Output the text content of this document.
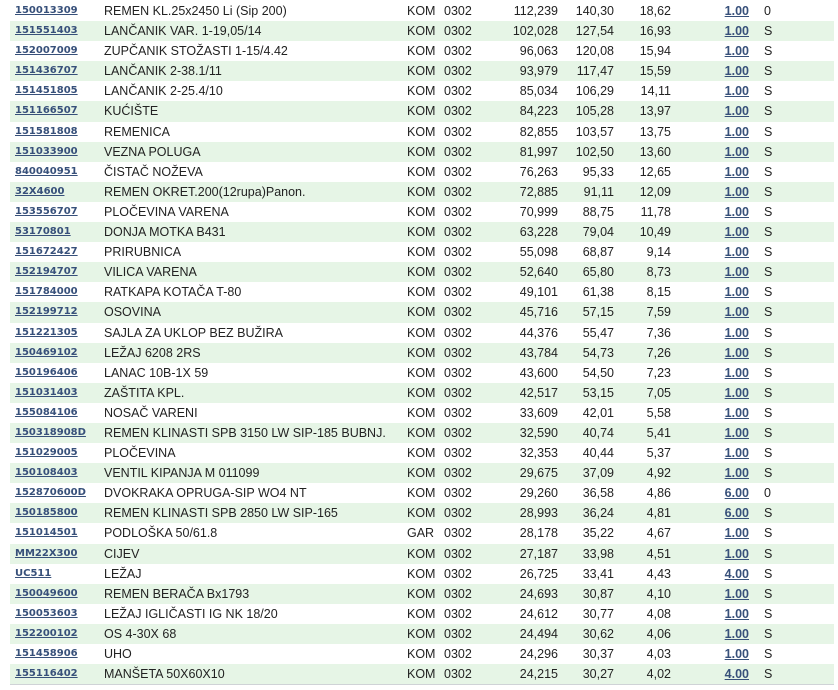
150013309 REMEN KL.25x2450 Li (Sip 200)	KOM 0302	112,239	140,30	18,62	1.00 0
151551403 LANČANIK VAR. 1-19,05/14	KOM 0302	102,028	127,54	16,93	1.00 S
152007009 ZUPČANIK STOŽASTI 1-15/4.42	KOM 0302	96,063	120,08	15,94	1.00 S
151436707 LANČANIK 2-38.1/11	KOM 0302	93,979	117,47	15,59	1.00 S
151451805 LANČANIK 2-25.4/10	KOM 0302	85,034	106,29	14,11	1.00 S
151166507 KUĆIŠTE	KOM 0302	84,223	105,28	13,97	1.00 S
151581808 REMENICA	KOM 0302	82,855	103,57	13,75	1.00 S
151033900 VEZNA POLUGA	KOM 0302	81,997	102,50	13,60	1.00 S
840040951 ČISTAČ NOŽEVA	KOM 0302	76,263	95,33	12,65	1.00 S
32X4600	REMEN OKRET.200(12rupa)Panon.	KOM 0302	72,885	91,11	12,09	1.00 S
153556707 PLOČEVINA VARENA	KOM 0302	70,999	88,75	11,78	1.00 S
53170801	DONJA MOTKA B431	KOM 0302	63,228	79,04	10,49	1.00 S
151672427 PRIRUBNICA	KOM 0302	55,098	68,87	9,14	1.00 S
152194707 VILICA VARENA	KOM 0302	52,640	65,80	8,73	1.00 S
151784000 RATKAPA KOTAČA T-80	KOM 0302	49,101	61,38	8,15	1.00 S
152199712 OSOVINA	KOM 0302	45,716	57,15	7,59	1.00 S
151221305 SAJLA ZA UKLOP BEZ BUŽIRA	KOM 0302	44,376	55,47	7,36	1.00 S
150469102 LEŽAJ 6208 2RS	KOM 0302	43,784	54,73	7,26	1.00 S
150196406 LANAC 10B-1X 59	KOM 0302	43,600	54,50	7,23	1.00 S
151031403 ZAŠTITA KPL.	KOM 0302	42,517	53,15	7,05	1.00 S
155084106 NOSAČ VARENI	KOM 0302	33,609	42,01	5,58	1.00 S
150318908D REMEN KLINASTI SPB 3150 LW SIP-185 BUBNJ. KOM 0302	32,590	40,74	5,41	1.00 S
151029005 PLOČEVINA	KOM 0302	32,353	40,44	5,37	1.00 S
150108403 VENTIL KIPANJA M 011099	KOM 0302	29,675	37,09	4,92	1.00 S
152870600D DVOKRAKA OPRUGA-SIP WO4 NT	KOM 0302	29,260	36,58	4,86	6.00 0
150185800 REMEN KLINASTI SPB 2850 LW SIP-165	KOM 0302	28,993	36,24	4,81	6.00 S
151014501 PODLOŠKA 50/61.8	GAR 0302	28,178	35,22	4,67	1.00 S
MM22X300 CIJEV	KOM 0302	27,187	33,98	4,51	1.00 S
UC511	LEŽAJ	KOM 0302	26,725	33,41	4,43	4.00 S
150049600 REMEN BERAČA Bx1793	KOM 0302	24,693	30,87	4,10	1.00 S
150053603 LEŽAJ IGLIČASTI IG NK 18/20	KOM 0302	24,612	30,77	4,08	1.00 S
152200102 OS 4-30X 68	KOM 0302	24,494	30,62	4,06	1.00 S
151458906 UHO	KOM 0302	24,296	30,37	4,03	1.00 S
155116402 MANŠETA 50X60X10	KOM 0302	24,215	30,27	4,02	4.00 S
